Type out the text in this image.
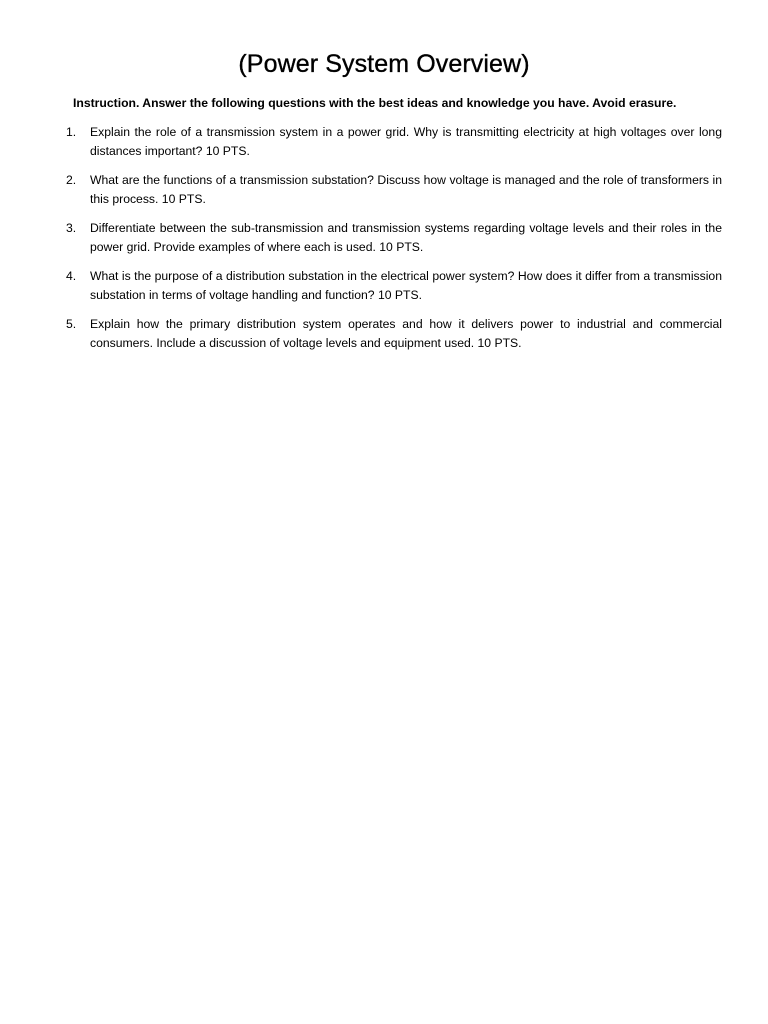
(Power System Overview)

Instruction. Answer the following questions with the best ideas and knowledge you have. Avoid erasure.

1.	Explain the role of a transmission system in a power grid. Why is transmitting electricity at high voltages over long distances important? 10 PTS.
2.	What are the functions of a transmission substation? Discuss how voltage is managed and the role of transformers in this process. 10 PTS.
3.	Differentiate between the sub-transmission and transmission systems regarding voltage levels and their roles in the power grid. Provide examples of where each is used. 10 PTS.
4.	What is the purpose of a distribution substation in the electrical power system? How does it differ from a transmission substation in terms of voltage handling and function? 10 PTS.
5.	Explain how the primary distribution system operates and how it delivers power to industrial and commercial consumers. Include a discussion of voltage levels and equipment used. 10 PTS.
